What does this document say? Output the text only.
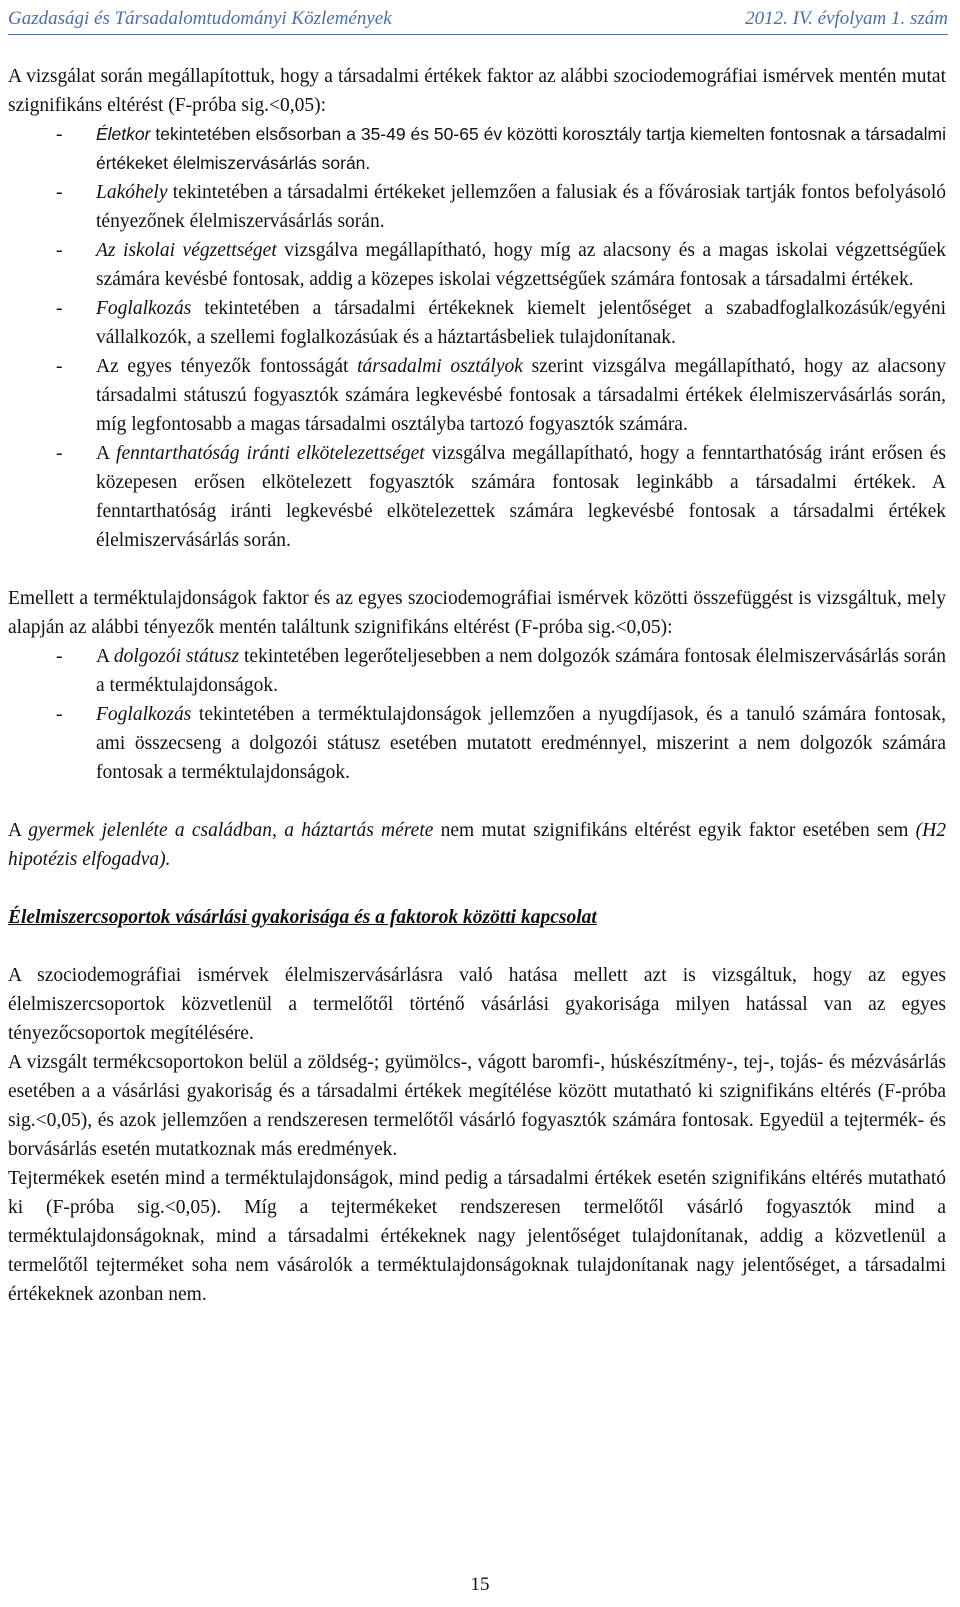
Gazdasági és Társadalomtudományi Közlemények	2012. IV. évfolyam 1. szám

A vizsgálat során megállapítottuk, hogy a társadalmi értékek faktor az alábbi szociodemográfiai ismérvek mentén mutat szignifikáns eltérést (F-próba sig.<0,05):

- Életkor tekintetében elsősorban a 35-49 és 50-65 év közötti korosztály tartja kiemelten fontosnak a társadalmi értékeket élelmiszervásárlás során.
- Lakóhely tekintetében a társadalmi értékeket jellemzően a falusiak és a fővárosiak tartják fontos befolyásoló tényezőnek élelmiszervásárlás során.
- Az iskolai végzettséget vizsgálva megállapítható, hogy míg az alacsony és a magas iskolai végzettségűek számára kevésbé fontosak, addig a közepes iskolai végzettségűek számára fontosak a társadalmi értékek.
- Foglalkozás tekintetében a társadalmi értékeknek kiemelt jelentőséget a szabadfoglalkozásúk/egyéni vállalkozók, a szellemi foglalkozásúak és a háztartásbeliek tulajdonítanak.
- Az egyes tényezők fontosságát társadalmi osztályok szerint vizsgálva megállapítható, hogy az alacsony társadalmi státuszú fogyasztók számára legkevésbé fontosak a társadalmi értékek élelmiszervásárlás során, míg legfontosabb a magas társadalmi osztályba tartozó fogyasztók számára.
- A fenntarthatóság iránti elkötelezettséget vizsgálva megállapítható, hogy a fenntarthatóság iránt erősen és közepesen erősen elkötelezett fogyasztók számára fontosak leginkább a társadalmi értékek. A fenntarthatóság iránti legkevésbé elkötelezettek számára legkevésbé fontosak a társadalmi értékek élelmiszervásárlás során.

Emellett a terméktulajdonságok faktor és az egyes szociodemográfiai ismérvek közötti összefüggést is vizsgáltuk, mely alapján az alábbi tényezők mentén találtunk szignifikáns eltérést (F-próba sig.<0,05):

- A dolgozói státusz tekintetében legerőteljesebben a nem dolgozók számára fontosak élelmiszervásárlás során a terméktulajdonságok.
- Foglalkozás tekintetében a terméktulajdonságok jellemzően a nyugdíjasok, és a tanuló számára fontosak, ami összecseng a dolgozói státusz esetében mutatott eredménnyel, miszerint a nem dolgozók számára fontosak a terméktulajdonságok.

A gyermek jelenléte a családban, a háztartás mérete nem mutat szignifikáns eltérést egyik faktor esetében sem (H2 hipotézis elfogadva).

Élelmiszercsoportok vásárlási gyakorisága és a faktorok közötti kapcsolat

A szociodemográfiai ismérvek élelmiszervásárlásra való hatása mellett azt is vizsgáltuk, hogy az egyes élelmiszercsoportok közvetlenül a termelőtől történő vásárlási gyakorisága milyen hatással van az egyes tényezőcsoportok megítélésére.

A vizsgált termékcsoportokon belül a zöldség-; gyümölcs-, vágott baromfi-, húskészítmény-, tej-, tojás- és mézvásárlás esetében a a vásárlási gyakoriság és a társadalmi értékek megítélése között mutatható ki szignifikáns eltérés (F-próba sig.<0,05), és azok jellemzően a rendszeresen termelőtől vásárló fogyasztók számára fontosak. Egyedül a tejtermék- és borvásárlás esetén mutatkoznak más eredmények.

Tejtermékek esetén mind a terméktulajdonságok, mind pedig a társadalmi értékek esetén szignifikáns eltérés mutatható ki (F-próba sig.<0,05). Míg a tejtermékeket rendszeresen termelőtől vásárló fogyasztók mind a terméktulajdonságoknak, mind a társadalmi értékeknek nagy jelentőséget tulajdonítanak, addig a közvetlenül a termelőtől tejterméket soha nem vásárolók a terméktulajdonságoknak tulajdonítanak nagy jelentőséget, a társadalmi értékeknek azonban nem.

15
